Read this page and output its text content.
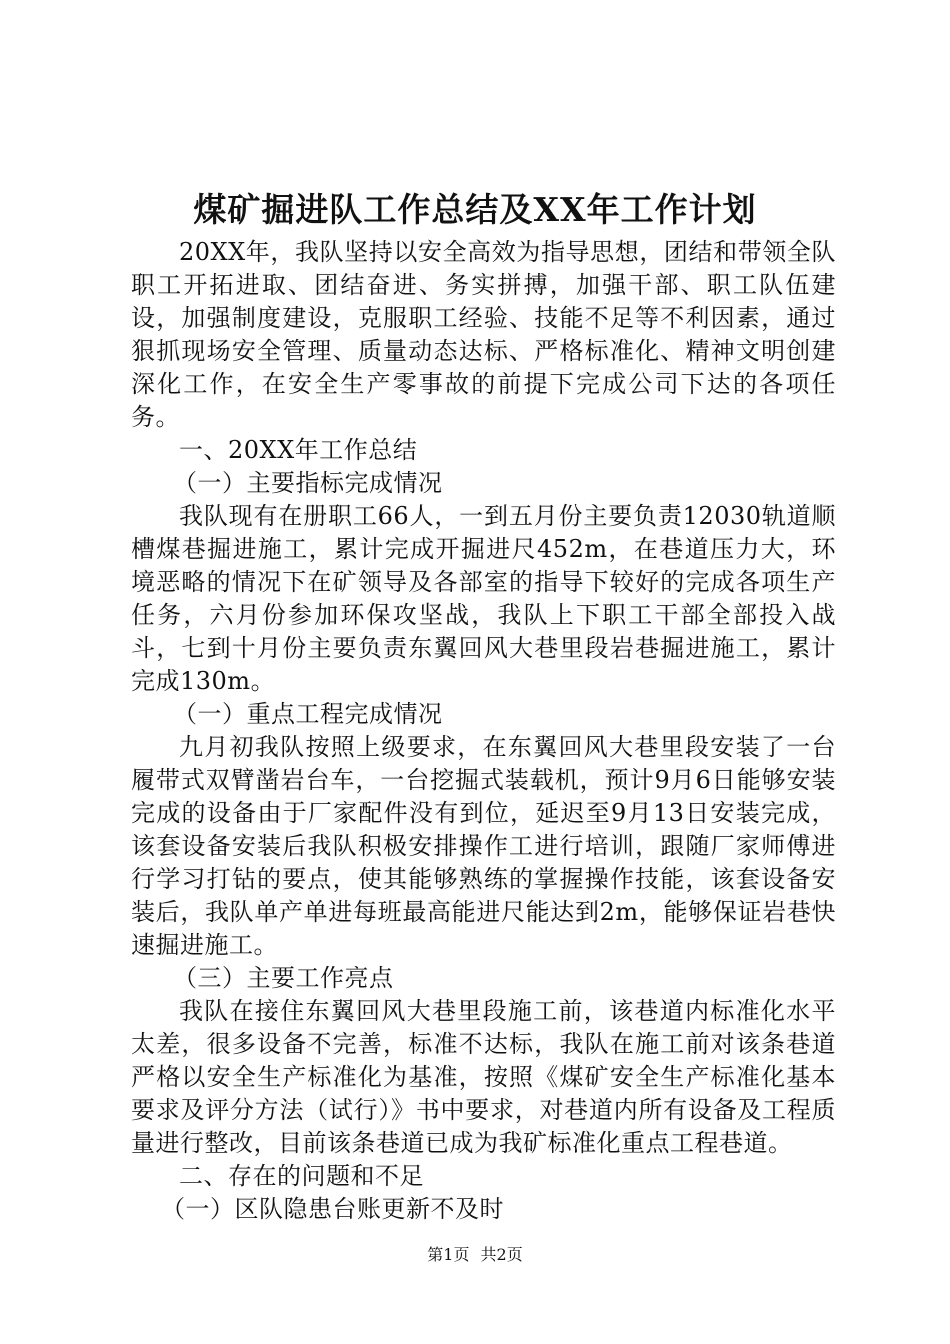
煤矿掘进队工作总结及XX年工作计划

20XX年，我队坚持以安全高效为指导思想，团结和带领全队职工开拓进取、团结奋进、务实拼搏，加强干部、职工队伍建设，加强制度建设，克服职工经验、技能不足等不利因素，通过狠抓现场安全管理、质量动态达标、严格标准化、精神文明创建深化工作，在安全生产零事故的前提下完成公司下达的各项任务。

一、20XX年工作总结

（一）主要指标完成情况

我队现有在册职工66人，一到五月份主要负责12030轨道顺槽煤巷掘进施工，累计完成开掘进尺452m，在巷道压力大，环境恶略的情况下在矿领导及各部室的指导下较好的完成各项生产任务，六月份参加环保攻坚战，我队上下职工干部全部投入战斗，七到十月份主要负责东翼回风大巷里段岩巷掘进施工，累计完成130m。

（一）重点工程完成情况

九月初我队按照上级要求，在东翼回风大巷里段安装了一台履带式双臂凿岩台车，一台挖掘式装载机，预计9月6日能够安装完成的设备由于厂家配件没有到位，延迟至9月13日安装完成，该套设备安装后我队积极安排操作工进行培训，跟随厂家师傅进行学习打钻的要点，使其能够熟练的掌握操作技能，该套设备安装后，我队单产单进每班最高能进尺能达到2m，能够保证岩巷快速掘进施工。

（三）主要工作亮点

我队在接住东翼回风大巷里段施工前，该巷道内标准化水平太差，很多设备不完善，标准不达标，我队在施工前对该条巷道严格以安全生产标准化为基准，按照《煤矿安全生产标准化基本要求及评分方法（试行）》书中要求，对巷道内所有设备及工程质量进行整改，目前该条巷道已成为我矿标准化重点工程巷道。

二、存在的问题和不足

（一）区队隐患台账更新不及时

第1页 共2页
